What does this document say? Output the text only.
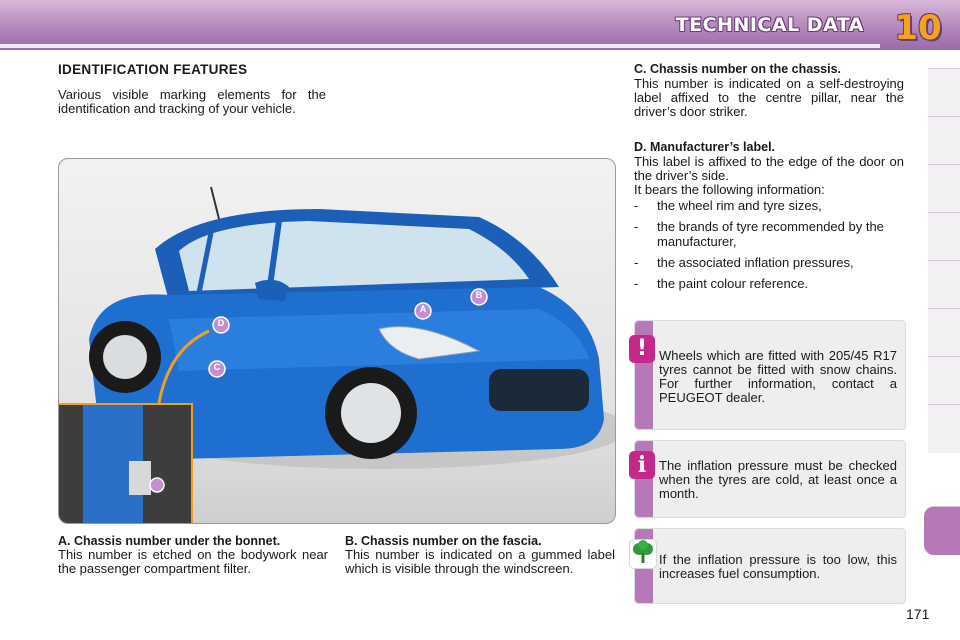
TECHNICAL DATA 10
IDENTIFICATION FEATURES

Various visible marking elements for the identification and tracking of your vehicle.

A
B
D
C
A. Chassis number under the bonnet.

This number is etched on the bodywork near the passenger compartment filter.

B. Chassis number on the fascia.

This number is indicated on a gummed label which is visible through the windscreen.

C. Chassis number on the chassis.

This number is indicated on a self-destroying label affixed to the centre pillar, near the driver’s door striker.

D. Manufacturer’s label.

This label is affixed to the edge of the door on the driver’s side.

It bears the following information:

- the wheel rim and tyre sizes,
- the brands of tyre recommended by the manufacturer,
- the associated inflation pressures,
- the paint colour reference.
! Wheels which are fitted with 205/45 R17 tyres cannot be fitted with snow chains. For further information, contact a PEUGEOT dealer.
i The inflation pressure must be checked when the tyres are cold, at least once a month.
If the inflation pressure is too low, this increases fuel consumption.
171
